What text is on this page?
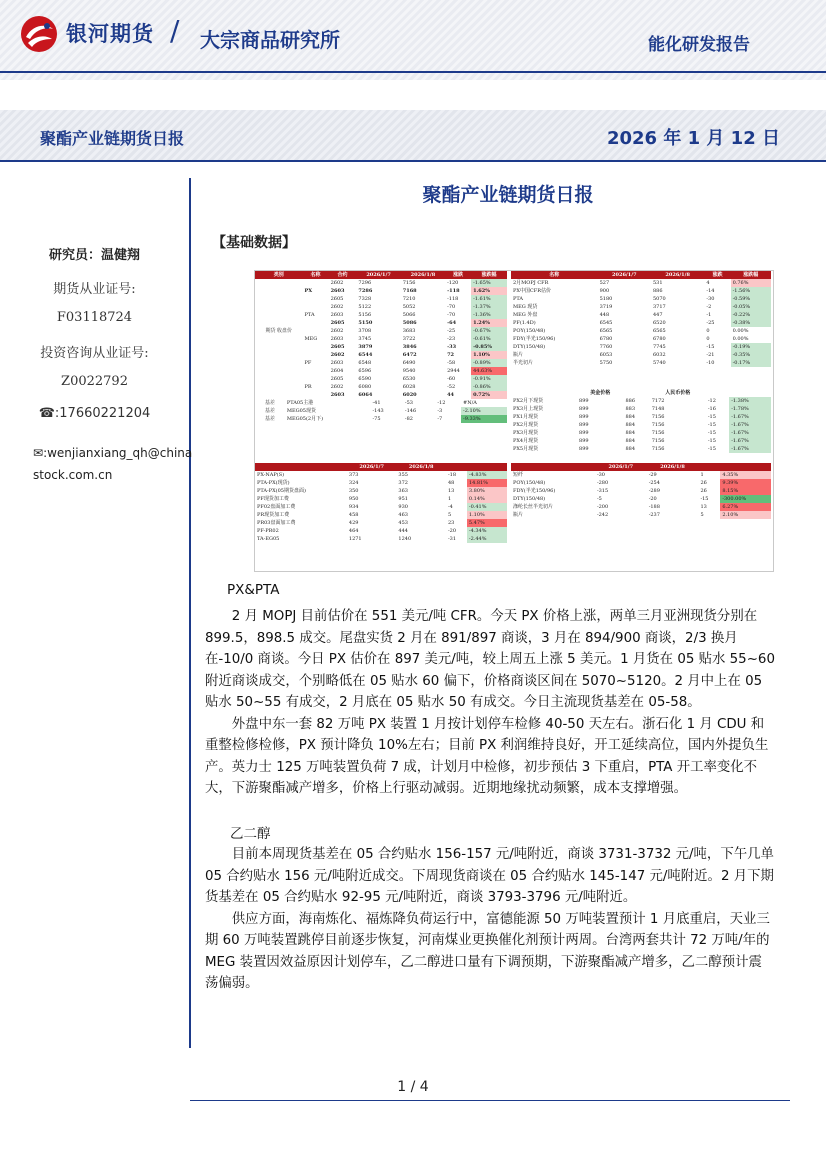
银河期货 / 大宗商品研究所	能化研发报告
聚酯产业链期货日报	2026 年 1 月 12 日
研究员：温健翔
期货从业证号:
F03118724
投资咨询从业证号:
Z0022792
☎:17660221204
✉:wenjianxiang_qh@chinastock.com.cn
聚酯产业链期货日报
【基础数据】
类别	名称	合约	2026/1/7	2026/1/8	涨跌	涨跌幅
		2602	7296	7156	-120	-1.65%
	PX	2603	7286	7168	-118	1.62%
		2605	7328	7210	-118	-1.61%
		2602	5122	5052	-70	-1.37%
	PTA	2603	5156	5066	-70	-1.36%
		2605	5150	5086	-64	1.24%
期货 收盘价		2602	3708	3683	-25	-0.67%
	MEG	2603	3745	3722	-23	-0.61%
		2605	3879	3846	-33	-0.85%
		2602	6544	6472	72	1.10%
	PF	2603	6548	6490	-58	-0.89%
		2604	6596	9540	2944	44.63%
		2605	6590	6530	-60	-0.91%
	PR	2602	6080	6028	-52	-0.86%
		2603	6064	6020	44	0.72%
名称	2026/1/7	2026/1/8	涨跌	涨跌幅
2月MOPJ CFR	527	531	4	0.76%
PX中国CFR估价	900	886	-14	-1.56%
PTA	5180	5070	-30	-0.59%
MEG 现货	3719	3717	-2	-0.05%
MEG 外盘	448	447	-1	-0.22%
PF(1.4D)	6545	6520	-25	-0.38%
POY(150/48)	6565	6565	0	0.00%
FDY(半光150/96)	6780	6780	0	0.00%
DTY(150/48)	7760	7745	-15	-0.19%
瓶片	6053	6032	-21	-0.35%
半光切片	5750	5740	-10	-0.17%
	美金价格		人民币价格		
PX2月下现货	899	886	7172	-12	-1.38%
PX3月上现货	899	883	7148	-16	-1.78%
PX1月现货	899	884	7156	-15	-1.67%
PX2月现货	899	884	7156	-15	-1.67%
PX3月现货	899	884	7156	-15	-1.67%
PX4月现货	899	884	7156	-15	-1.67%
PX5月现货	899	884	7156	-15	-1.67%
基差	PTA05主港	-41	-53	-12	#N/A
基差	MEG05现货	-143	-146	-3	-2.10%
基差	MEG05(2月下)	-75	-82	-7	-9.33%
	2026/1/7	2026/1/8		
PX-NAP(S)	373	355	-18	-4.83%
PTA-PX(现货)	324	372	48	14.81%
PTA-PX(05期货盘面)	350	363	13	3.80%
PF现货加工费	950	951	1	0.14%
PF02盘面加工费	934	930	-4	-0.41%
PR现货加工费	458	463	5	1.10%
PR03盘面加工费	429	453	23	5.47%
PF-PR02	464	444	-20	-4.34%
TA-EG05	1271	1240	-31	-2.44%
	2026/1/7	2026/1/8		
短纤	-30	-29	1	4.35%
POY(150/48)	-280	-254	26	9.39%
FDY(半光150/96)	-315	-289	26	8.15%
DTY(150/48)	-5	-20	-15	-300.00%
涤纶长丝半光切片	-200	-188	13	6.27%
瓶片	-242	-237	5	2.10%
PX&PTA

2 月 MOPJ 目前估价在 551 美元/吨 CFR。今天 PX 价格上涨，两单三月亚洲现货分别在 899.5，898.5 成交。尾盘实货 2 月在 891/897 商谈，3 月在 894/900 商谈，2/3 换月在-10/0 商谈。今日 PX 估价在 897 美元/吨，较上周五上涨 5 美元。1 月货在 05 贴水 55~60 附近商谈成交，个别略低在 05 贴水 60 偏下，价格商谈区间在 5070~5120。2 月中上在 05 贴水 50~55 有成交，2 月底在 05 贴水 50 有成交。今日主流现货基差在 05-58。

外盘中东一套 82 万吨 PX 装置 1 月按计划停车检修 40-50 天左右。浙石化 1 月 CDU 和重整检修检修，PX 预计降负 10%左右；目前 PX 利润维持良好，开工延续高位，国内外提负生产。英力士 125 万吨装置负荷 7 成，计划月中检修，初步预估 3 下重启，PTA 开工率变化不大，下游聚酯减产增多，价格上行驱动减弱。近期地缘扰动频繁，成本支撑增强。

乙二醇

目前本周现货基差在 05 合约贴水 156-157 元/吨附近，商谈 3731-3732 元/吨，下午几单 05 合约贴水 156 元/吨附近成交。下周现货商谈在 05 合约贴水 145-147 元/吨附近。2 月下期货基差在 05 合约贴水 92-95 元/吨附近，商谈 3793-3796 元/吨附近。

供应方面，海南炼化、福炼降负荷运行中，富德能源 50 万吨装置预计 1 月底重启，天业三期 60 万吨装置跳停目前逐步恢复，河南煤业更换催化剂预计两周。台湾两套共计 72 万吨/年的 MEG 装置因效益原因计划停车，乙二醇进口量有下调预期，下游聚酯减产增多，乙二醇预计震荡偏弱。

1 / 4
